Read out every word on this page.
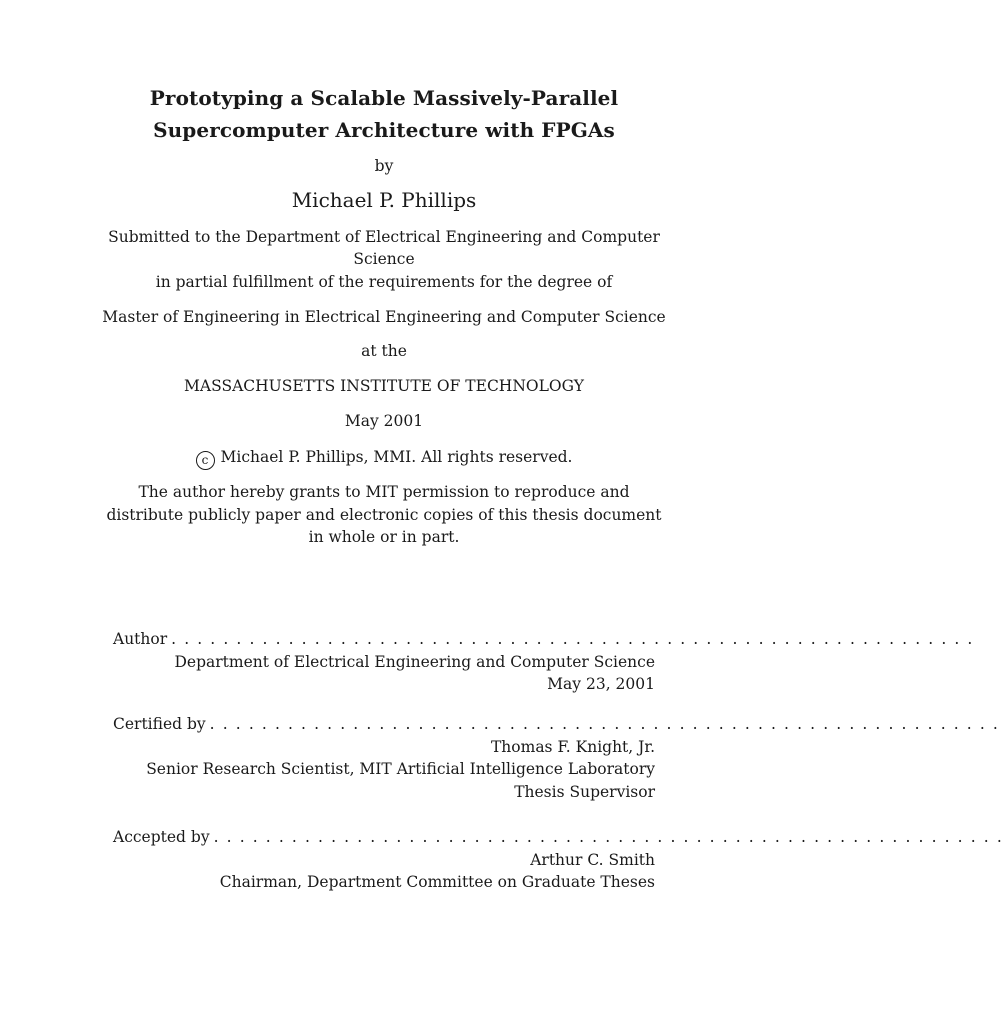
Prototyping a Scalable Massively-Parallel
Supercomputer Architecture with FPGAs
by
Michael P. Phillips
Submitted to the Department of Electrical Engineering and Computer
Science
in partial fulfillment of the requirements for the degree of
Master of Engineering in Electrical Engineering and Computer Science
at the
MASSACHUSETTS INSTITUTE OF TECHNOLOGY
May 2001
c Michael P. Phillips, MMI. All rights reserved.
The author hereby grants to MIT permission to reproduce and
distribute publicly paper and electronic copies of this thesis document
in whole or in part.
Author . . . . . . . . . . . . . . . . . . . . . . . . . . . . . . . . . . . . . . . . . . . . . . . . . . . . . . . . . . . . . .
Department of Electrical Engineering and Computer Science
May 23, 2001
Certified by . . . . . . . . . . . . . . . . . . . . . . . . . . . . . . . . . . . . . . . . . . . . . . . . . . . . . . . . . . . . .
Thomas F. Knight, Jr.
Senior Research Scientist, MIT Artificial Intelligence Laboratory
Thesis Supervisor
Accepted by . . . . . . . . . . . . . . . . . . . . . . . . . . . . . . . . . . . . . . . . . . . . . . . . . . . . . . . . . . . . .
Arthur C. Smith
Chairman, Department Committee on Graduate Theses
